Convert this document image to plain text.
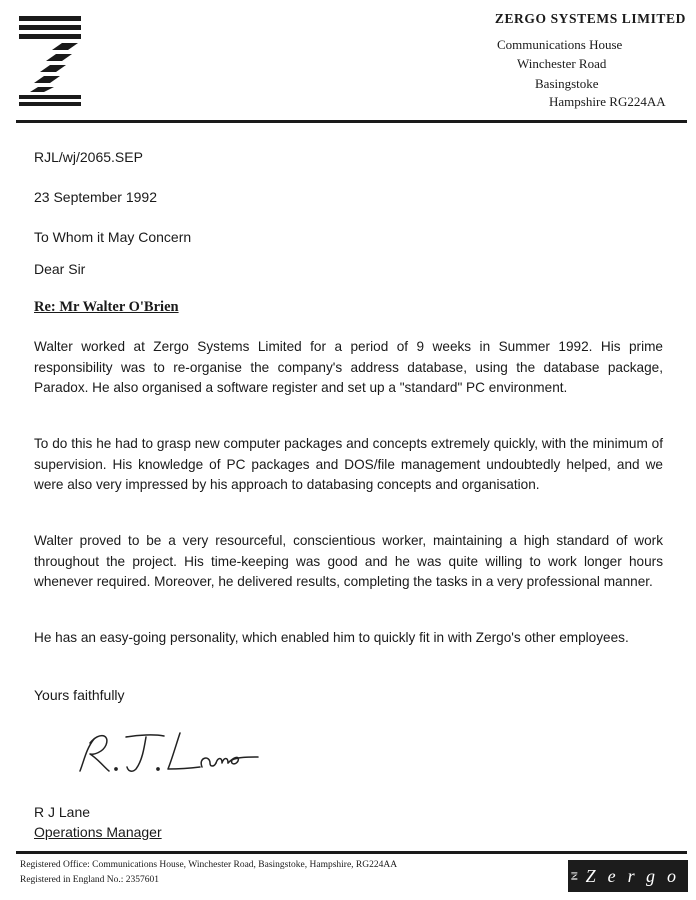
ZERGO SYSTEMS LIMITED
Communications House
Winchester Road
Basingstoke
Hampshire RG224AA
RJL/wj/2065.SEP
23 September 1992
To Whom it May Concern
Dear Sir
Re: Mr Walter O'Brien

Walter worked at Zergo Systems Limited for a period of 9 weeks in Summer 1992. His prime responsibility was to re-organise the company's address database, using the database package, Paradox. He also organised a software register and set up a "standard" PC environment.

To do this he had to grasp new computer packages and concepts extremely quickly, with the minimum of supervision. His knowledge of PC packages and DOS/file management undoubtedly helped, and we were also very impressed by his approach to databasing concepts and organisation.

Walter proved to be a very resourceful, conscientious worker, maintaining a high standard of work throughout the project. His time-keeping was good and he was quite willing to work longer hours whenever required. Moreover, he delivered results, completing the tasks in a very professional manner.

He has an easy-going personality, which enabled him to quickly fit in with Zergo's other employees.

Yours faithfully
R J Lane
Operations Manager
Registered Office: Communications House, Winchester Road, Basingstoke, Hampshire, RG224AA
Registered in England No.: 2357601	Zergo
